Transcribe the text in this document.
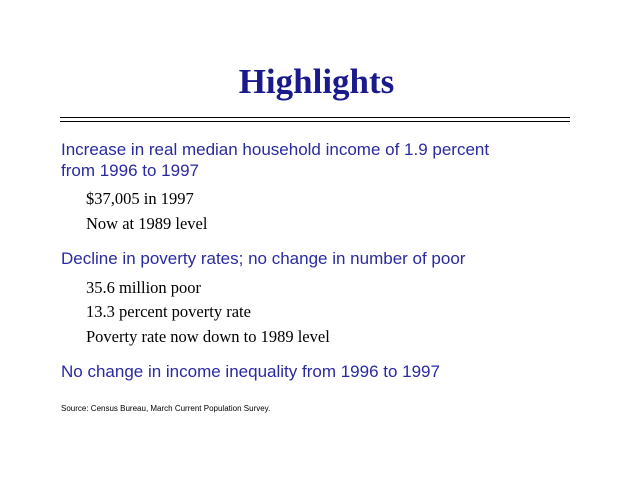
Highlights
Increase in real median household income of 1.9 percent
from 1996 to 1997
$37,005 in 1997
Now at 1989 level
Decline in poverty rates; no change in number of poor
35.6 million poor
13.3 percent poverty rate
Poverty rate now down to 1989 level
No change in income inequality from 1996 to 1997
Source: Census Bureau, March Current Population Survey.
